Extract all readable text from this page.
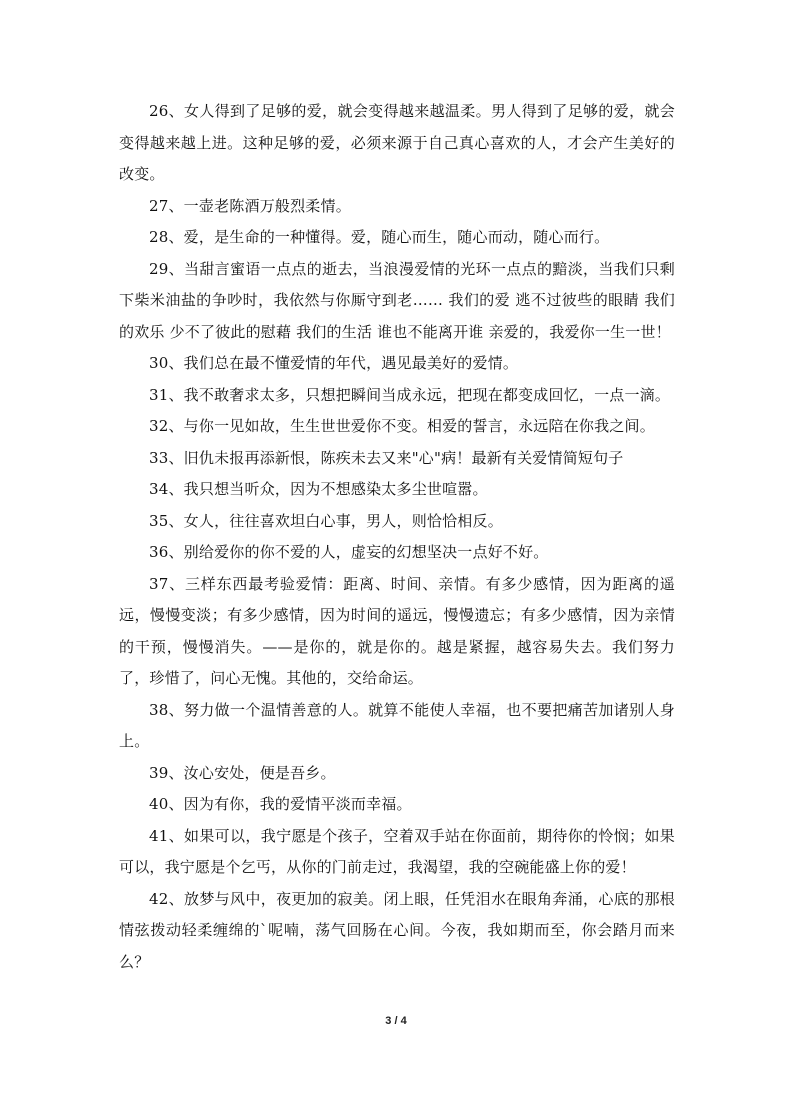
26、女人得到了足够的爱，就会变得越来越温柔。男人得到了足够的爱，就会变得越来越上进。这种足够的爱，必须来源于自己真心喜欢的人，才会产生美好的改变。

27、一壶老陈酒万般烈柔情。

28、爱，是生命的一种懂得。爱，随心而生，随心而动，随心而行。

29、当甜言蜜语一点点的逝去，当浪漫爱情的光环一点点的黯淡，当我们只剩下柴米油盐的争吵时，我依然与你厮守到老…… 我们的爱 逃不过彼些的眼睛 我们的欢乐 少不了彼此的慰藉 我们的生活 谁也不能离开谁 亲爱的，我爱你一生一世！

30、我们总在最不懂爱情的年代，遇见最美好的爱情。

31、我不敢奢求太多，只想把瞬间当成永远，把现在都变成回忆，一点一滴。

32、与你一见如故，生生世世爱你不变。相爱的誓言，永远陪在你我之间。

33、旧仇未报再添新恨，陈疾未去又来"心"病！最新有关爱情简短句子

34、我只想当听众，因为不想感染太多尘世喧嚣。

35、女人，往往喜欢坦白心事，男人，则恰恰相反。

36、别给爱你的你不爱的人，虚妄的幻想坚决一点好不好。

37、三样东西最考验爱情：距离、时间、亲情。有多少感情，因为距离的遥远，慢慢变淡；有多少感情，因为时间的遥远，慢慢遗忘；有多少感情，因为亲情的干预，慢慢消失。——是你的，就是你的。越是紧握，越容易失去。我们努力了，珍惜了，问心无愧。其他的，交给命运。

38、努力做一个温情善意的人。就算不能使人幸福，也不要把痛苦加诸别人身上。

39、汝心安处，便是吾乡。

40、因为有你，我的爱情平淡而幸福。

41、如果可以，我宁愿是个孩子，空着双手站在你面前，期待你的怜悯；如果可以，我宁愿是个乞丐，从你的门前走过，我渴望，我的空碗能盛上你的爱！

42、放梦与风中，夜更加的寂美。闭上眼，任凭泪水在眼角奔涌，心底的那根情弦拨动轻柔缠绵的`呢喃，荡气回肠在心间。今夜，我如期而至，你会踏月而来么？

3 / 4
